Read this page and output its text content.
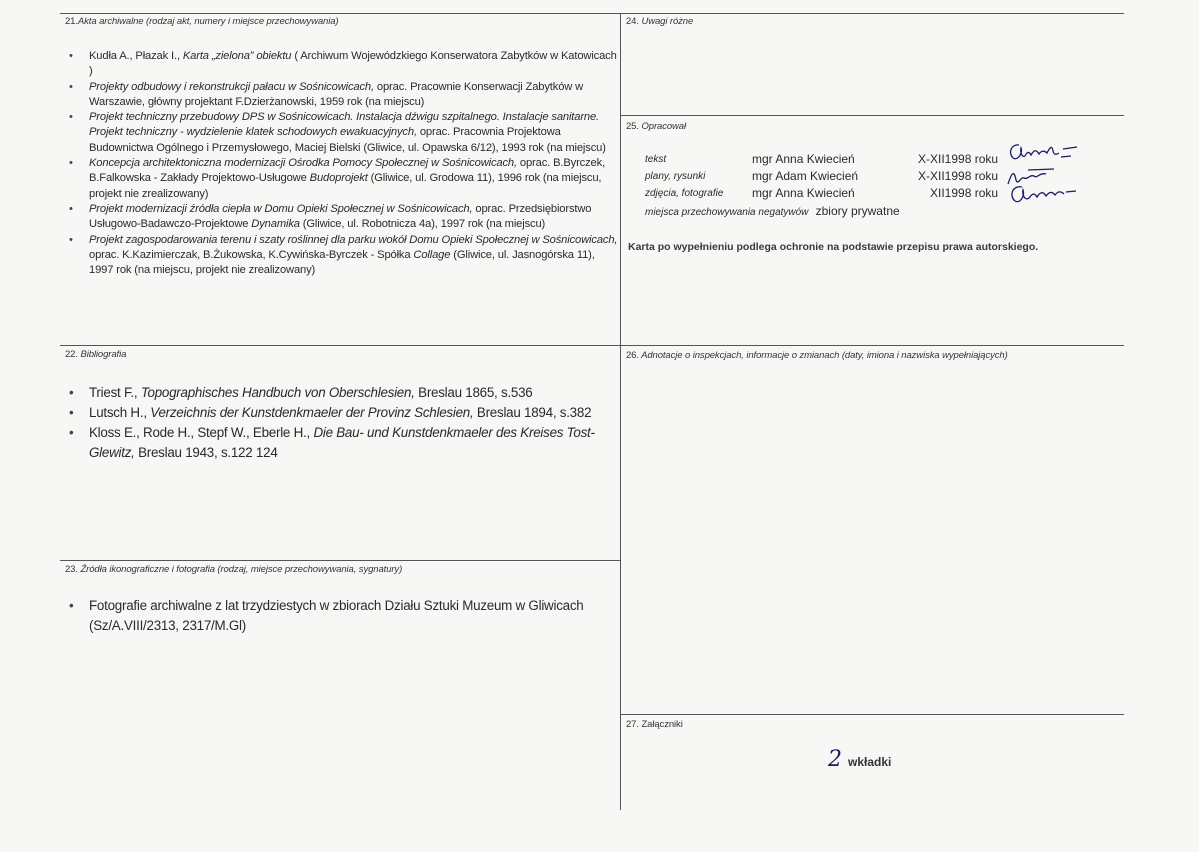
21.Akta archiwalne (rodzaj akt, numery i miejsce przechowywania)
• Kudła A., Płazak I., Karta „zielona” obiektu ( Archiwum Wojewódzkiego Konserwatora Zabytków w Katowicach )
• Projekty odbudowy i rekonstrukcji pałacu w Sośnicowicach, oprac. Pracownie Konserwacji Zabytków w Warszawie, główny projektant F.Dzierżanowski, 1959 rok (na miejscu)
• Projekt techniczny przebudowy DPS w Sośnicowicach. Instalacja dźwigu szpitalnego. Instalacje sanitarne. Projekt techniczny - wydzielenie klatek schodowych ewakuacyjnych, oprac. Pracownia Projektowa Budownictwa Ogólnego i Przemysłowego, Maciej Bielski (Gliwice, ul. Opawska 6/12), 1993 rok (na miejscu)
• Koncepcja architektoniczna modernizacji Ośrodka Pomocy Społecznej w Sośnicowicach, oprac. B.Byrczek, B.Falkowska - Zakłady Projektowo-Usługowe Budoprojekt (Gliwice, ul. Grodowa 11), 1996 rok (na miejscu, projekt nie zrealizowany)
• Projekt modernizacji źródła ciepła w Domu Opieki Społecznej w Sośnicowicach, oprac. Przedsiębiorstwo Usługowo-Badawczo-Projektowe Dynamika (Gliwice, ul. Robotnicza 4a), 1997 rok (na miejscu)
• Projekt zagospodarowania terenu i szaty roślinnej dla parku wokół Domu Opieki Społecznej w Sośnicowicach, oprac. K.Kazimierczak, B.Żukowska, K.Cywińska-Byrczek - Spółka Collage (Gliwice, ul. Jasnogórska 11), 1997 rok (na miejscu, projekt nie zrealizowany)
22. Bibliografia
• Triest F., Topographisches Handbuch von Oberschlesien, Breslau 1865, s.536
• Lutsch H., Verzeichnis der Kunstdenkmaeler der Provinz Schlesien, Breslau 1894, s.382
• Kloss E., Rode H., Stepf W., Eberle H., Die Bau- und Kunstdenkmaeler des Kreises Tost-Glewitz, Breslau 1943, s.122 124
23. Źródła ikonograficzne i fotografia (rodzaj, miejsce przechowywania, sygnatury)
• Fotografie archiwalne z lat trzydziestych w zbiorach Działu Sztuki Muzeum w Gliwicach (Sz/A.VIII/2313, 2317/M.Gl)
24. Uwagi różne
25. Opracował
tekst	mgr Anna Kwiecień	X-XII1998 roku
plany, rysunki	mgr Adam Kwiecień	X-XII1998 roku
zdjęcia, fotografie mgr Anna Kwiecień	XII1998 roku
miejsca przechowywania negatywów zbiory prywatne
Karta po wypełnieniu podlega ochronie na podstawie przepisu prawa autorskiego.
26. Adnotacje o inspekcjach, informacje o zmianach (daty, imiona i nazwiska wypełniających)
27. Załączniki
2 wkładki
